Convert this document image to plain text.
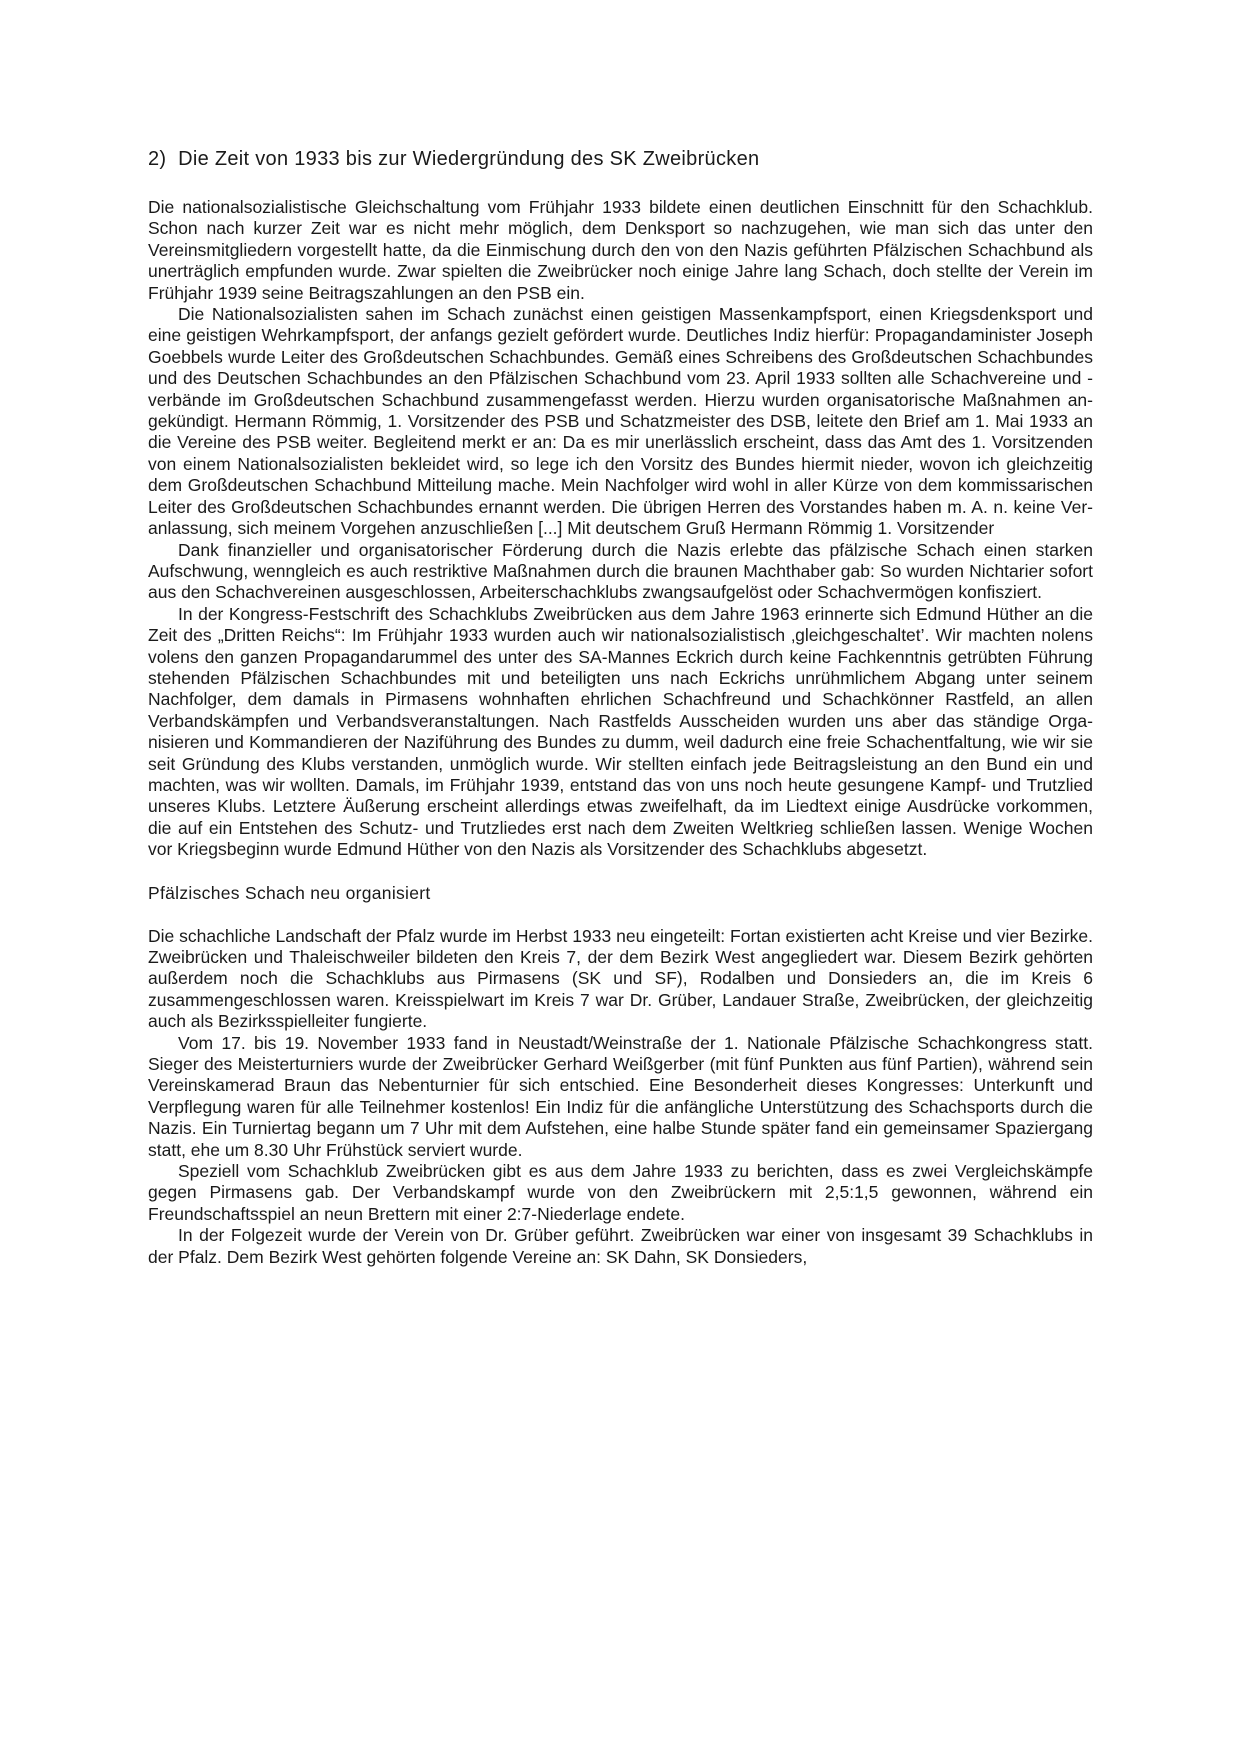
2)  Die Zeit von 1933 bis zur Wiedergründung des SK Zweibrücken

Die nationalsozialistische Gleichschaltung vom Frühjahr 1933 bildete einen deutlichen Einschnitt für den Schachklub. Schon nach kurzer Zeit war es nicht mehr möglich, dem Denksport so nachzugehen, wie man sich das unter den Vereinsmitgliedern vorgestellt hatte, da die Einmischung durch den von den Nazis geführten Pfälzischen Schachbund als unerträglich empfunden wurde. Zwar spielten die Zweibrücker noch einige Jahre lang Schach, doch stellte der Verein im Frühjahr 1939 seine Beitragszahlungen an den PSB ein.

Die Nationalsozialisten sahen im Schach zunächst einen geistigen Massenkampfsport, einen Kriegsdenksport und eine geistigen Wehrkampfsport, der anfangs gezielt gefördert wurde. Deutliches Indiz hierfür: Propagandaminister Joseph Goebbels wurde Leiter des Großdeutschen Schachbundes. Gemäß eines Schreibens des Großdeutschen Schachbundes und des Deutschen Schachbundes an den Pfälzischen Schachbund vom 23. April 1933 sollten alle Schachvereine und -verbände im Großdeutschen Schachbund zusammengefasst werden. Hierzu wurden organisatorische Maßnahmen angekündigt. Hermann Römmig, 1. Vorsitzender des PSB und Schatzmeister des DSB, leitete den Brief am 1. Mai 1933 an die Vereine des PSB weiter. Begleitend merkt er an: Da es mir unerlässlich erscheint, dass das Amt des 1. Vorsitzenden von einem Nationalsozialisten bekleidet wird, so lege ich den Vorsitz des Bundes hiermit nieder, wovon ich gleichzeitig dem Großdeutschen Schachbund Mitteilung mache. Mein Nachfolger wird wohl in aller Kürze von dem kommissarischen Leiter des Großdeutschen Schachbundes ernannt werden. Die übrigen Herren des Vorstandes haben m. A. n. keine Veranlassung, sich meinem Vorgehen anzuschließen [...] Mit deutschem Gruß Hermann Römmig 1. Vorsitzender

Dank finanzieller und organisatorischer Förderung durch die Nazis erlebte das pfälzische Schach einen starken Aufschwung, wenngleich es auch restriktive Maßnahmen durch die braunen Machthaber gab: So wurden Nichtarier sofort aus den Schachvereinen ausgeschlossen, Arbeiterschachklubs zwangsaufgelöst oder Schachvermögen konfisziert.

In der Kongress-Festschrift des Schachklubs Zweibrücken aus dem Jahre 1963 erinnerte sich Edmund Hüther an die Zeit des „Dritten Reichs“: Im Frühjahr 1933 wurden auch wir nationalsozialistisch ‚gleichgeschaltet’. Wir machten nolens volens den ganzen Propagandarummel des unter des SA-Mannes Eckrich durch keine Fachkenntnis getrübten Führung stehenden Pfälzischen Schachbundes mit und beteiligten uns nach Eckrichs unrühmlichem Abgang unter seinem Nachfolger, dem damals in Pirmasens wohnhaften ehrlichen Schachfreund und Schachkönner Rastfeld, an allen Verbandskämpfen und Verbandsveranstaltungen. Nach Rastfelds Ausscheiden wurden uns aber das ständige Organisieren und Kommandieren der Naziführung des Bundes zu dumm, weil dadurch eine freie Schachentfaltung, wie wir sie seit Gründung des Klubs verstanden, unmöglich wurde. Wir stellten einfach jede Beitragsleistung an den Bund ein und machten, was wir wollten. Damals, im Frühjahr 1939, entstand das von uns noch heute gesungene Kampf- und Trutzlied unseres Klubs. Letztere Äußerung erscheint allerdings etwas zweifelhaft, da im Liedtext einige Ausdrücke vorkommen, die auf ein Entstehen des Schutz- und Trutzliedes erst nach dem Zweiten Weltkrieg schließen lassen. Wenige Wochen vor Kriegsbeginn wurde Edmund Hüther von den Nazis als Vorsitzender des Schachklubs abgesetzt.

Pfälzisches Schach neu organisiert

Die schachliche Landschaft der Pfalz wurde im Herbst 1933 neu eingeteilt: Fortan existierten acht Kreise und vier Bezirke. Zweibrücken und Thaleischweiler bildeten den Kreis 7, der dem Bezirk West angegliedert war. Diesem Bezirk gehörten außerdem noch die Schachklubs aus Pirmasens (SK und SF), Rodalben und Donsieders an, die im Kreis 6 zusammengeschlossen waren. Kreisspielwart im Kreis 7 war Dr. Grüber, Landauer Straße, Zweibrücken, der gleichzeitig auch als Bezirksspielleiter fungierte.

Vom 17. bis 19. November 1933 fand in Neustadt/Weinstraße der 1. Nationale Pfälzische Schachkongress statt. Sieger des Meisterturniers wurde der Zweibrücker Gerhard Weißgerber (mit fünf Punkten aus fünf Partien), während sein Vereinskamerad Braun das Nebenturnier für sich entschied. Eine Besonderheit dieses Kongresses: Unterkunft und Verpflegung waren für alle Teilnehmer kostenlos! Ein Indiz für die anfängliche Unterstützung des Schachsports durch die Nazis. Ein Turniertag begann um 7 Uhr mit dem Aufstehen, eine halbe Stunde später fand ein gemeinsamer Spaziergang statt, ehe um 8.30 Uhr Frühstück serviert wurde.

Speziell vom Schachklub Zweibrücken gibt es aus dem Jahre 1933 zu berichten, dass es zwei Vergleichskämpfe gegen Pirmasens gab. Der Verbandskampf wurde von den Zweibrückern mit 2,5:1,5 gewonnen, während ein Freundschaftsspiel an neun Brettern mit einer 2:7-Niederlage endete.

In der Folgezeit wurde der Verein von Dr. Grüber geführt. Zweibrücken war einer von insgesamt 39 Schachklubs in der Pfalz. Dem Bezirk West gehörten folgende Vereine an: SK Dahn, SK Donsieders,
